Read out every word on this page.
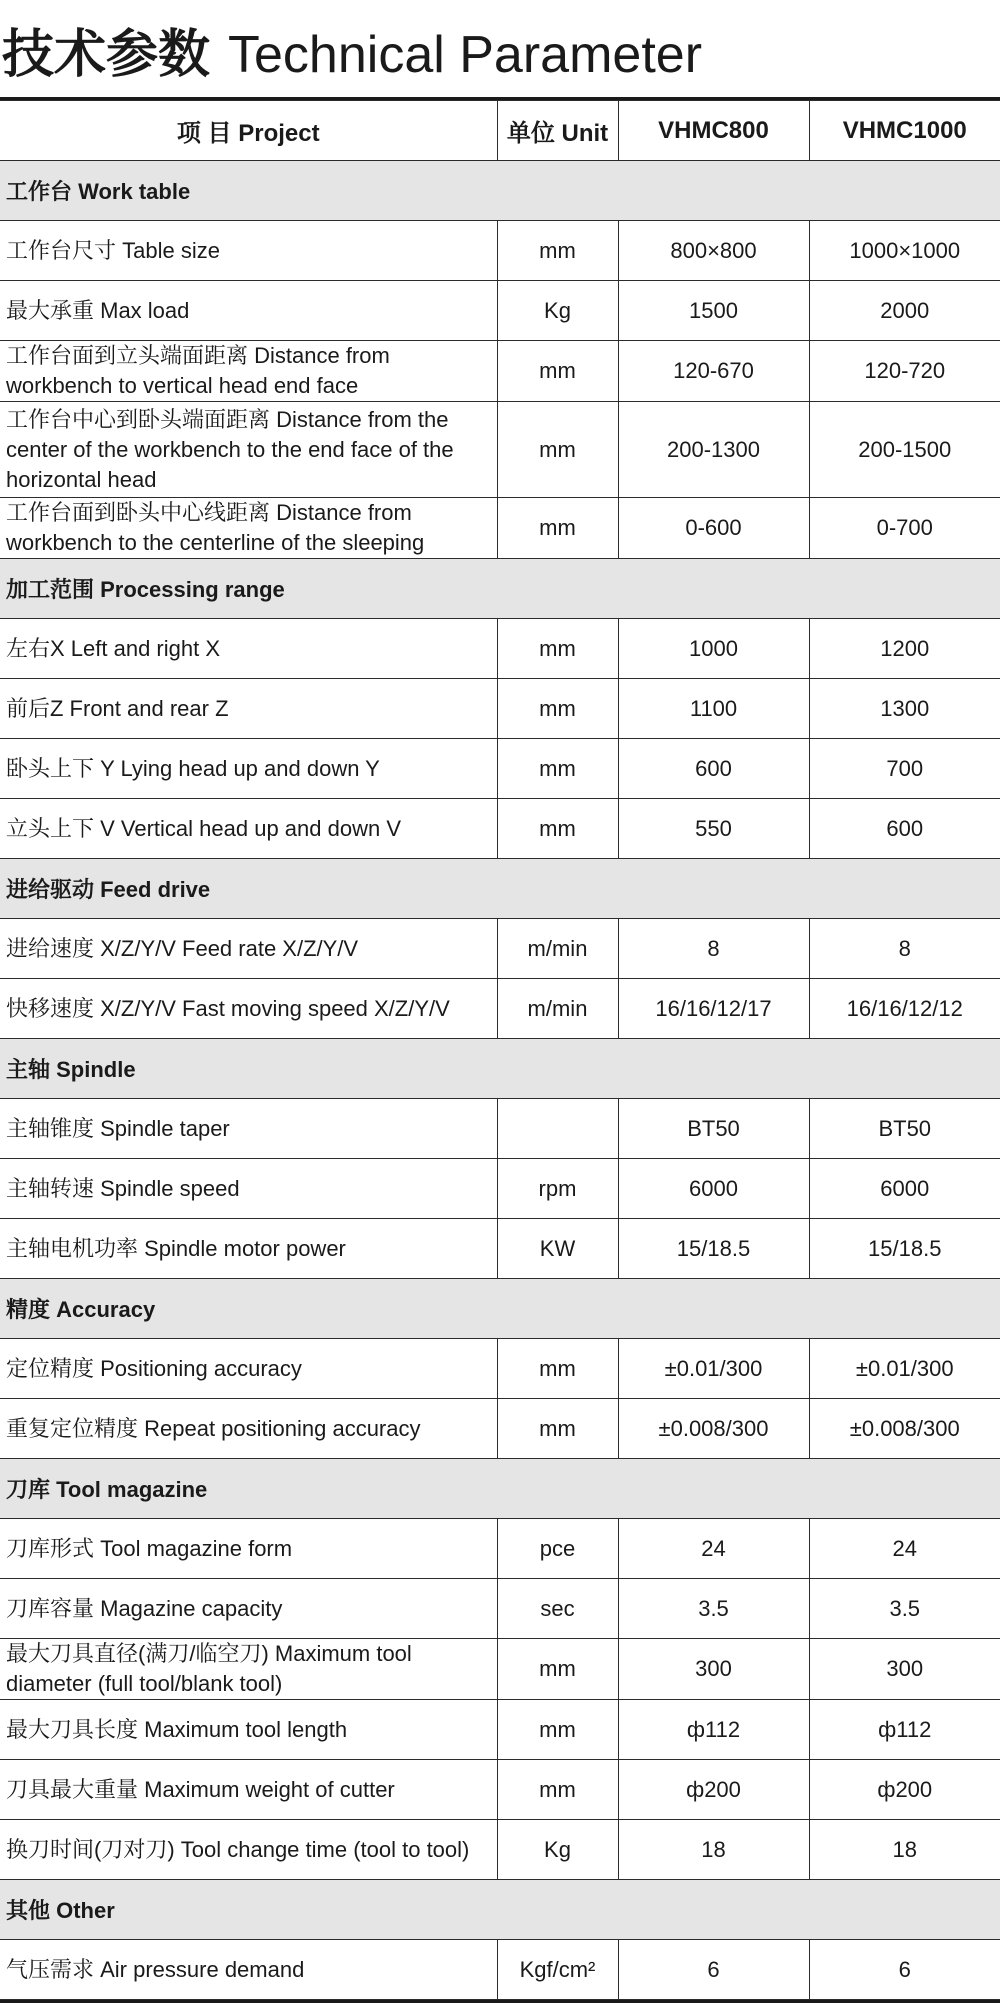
技术参数 Technical Parameter
项 目 Project	单位 Unit	VHMC800	VHMC1000
工作台 Work table			
工作台尺寸 Table size	mm	800×800	1000×1000
最大承重 Max load	Kg	1500	2000
工作台面到立头端面距离 Distance from workbench to vertical head end face	mm	120-670	120-720
工作台中心到卧头端面距离 Distance from the center of the workbench to the end face of the horizontal head	mm	200-1300	200-1500
工作台面到卧头中心线距离 Distance from workbench to the centerline of the sleeping	mm	0-600	0-700
加工范围 Processing range			
左右X Left and right X	mm	1000	1200
前后Z Front and rear Z	mm	1100	1300
卧头上下 Y Lying head up and down Y	mm	600	700
立头上下 V Vertical head up and down V	mm	550	600
进给驱动 Feed drive			
进给速度 X/Z/Y/V Feed rate X/Z/Y/V	m/min	8	8
快移速度 X/Z/Y/V Fast moving speed X/Z/Y/V	m/min	16/16/12/17	16/16/12/12
主轴 Spindle			
主轴锥度 Spindle taper		BT50	BT50
主轴转速 Spindle speed	rpm	6000	6000
主轴电机功率 Spindle motor power	KW	15/18.5	15/18.5
精度 Accuracy			
定位精度 Positioning accuracy	mm	±0.01/300	±0.01/300
重复定位精度 Repeat positioning accuracy	mm	±0.008/300	±0.008/300
刀库 Tool magazine			
刀库形式 Tool magazine form	pce	24	24
刀库容量 Magazine capacity	sec	3.5	3.5
最大刀具直径(满刀/临空刀) Maximum tool diameter (full tool/blank tool)	mm	300	300
最大刀具长度 Maximum tool length	mm	ф112	ф112
刀具最大重量 Maximum weight of cutter	mm	ф200	ф200
换刀时间(刀对刀) Tool change time (tool to tool)	Kg	18	18
其他 Other			
气压需求 Air pressure demand	Kgf/cm²	6	6
